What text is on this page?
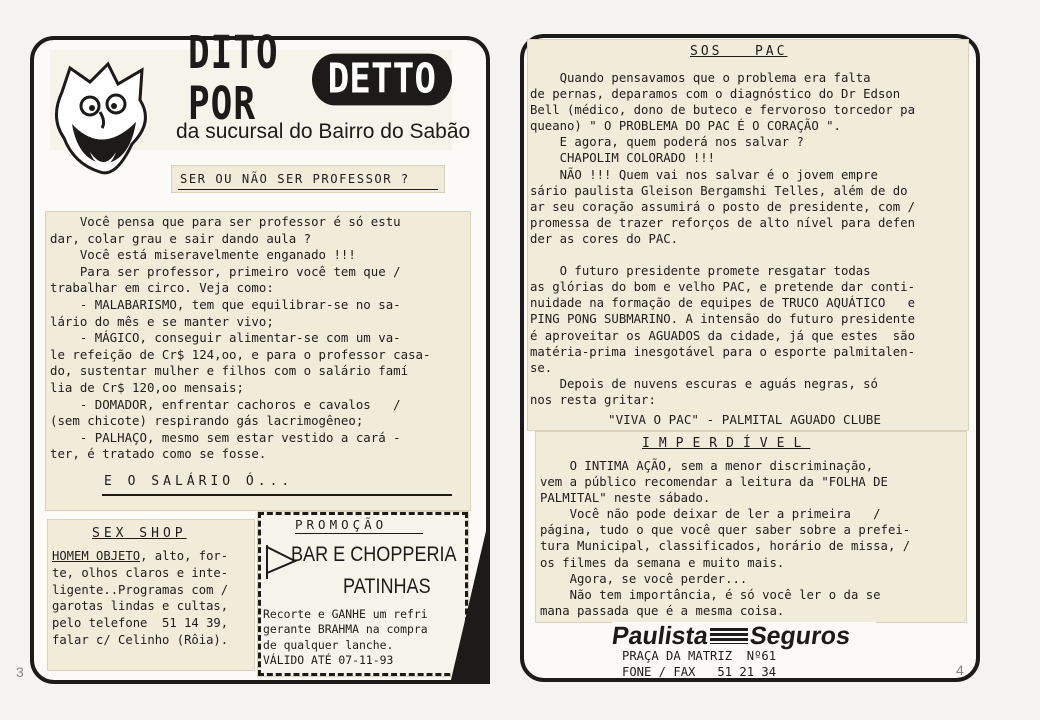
DITO POR
DETTO
da sucursal do Bairro do Sabão
SER OU NÃO SER PROFESSOR ?
Você pensa que para ser professor é só estu
dar, colar grau e sair dando aula ?
Você está miseravelmente enganado !!!
Para ser professor, primeiro você tem que /
trabalhar em circo. Veja como:
- MALABARISMO, tem que equilibrar-se no sa-
lário do mês e se manter vivo;
- MÁGICO, conseguir alimentar-se com um va-
le refeição de Cr$ 124,oo, e para o professor casa-
do, sustentar mulher e filhos com o salário famí
lia de Cr$ 120,oo mensais;
- DOMADOR, enfrentar cachoros e cavalos   /
(sem chicote) respirando gás lacrimogêneo;
- PALHAÇO, mesmo sem estar vestido a cará -
ter, é tratado como se fosse.
E O SALÁRIO Ó...
SEX SHOP
HOMEM OBJETO, alto, for-
te, olhos claros e inte-
ligente..Programas com /
garotas lindas e cultas,
pelo telefone  51 14 39,
falar c/ Celinho (Rôia).
PROMOÇÃO
BAR E CHOPPERIA
PATINHAS
Recorte e GANHE um refri
gerante BRAHMA na compra
de qualquer lanche.
VÁLIDO ATÉ 07-11-93
3
SOS   PAC
Quando pensavamos que o problema era falta
de pernas, deparamos com o diagnóstico do Dr Edson
Bell (médico, dono de buteco e fervoroso torcedor pa
queano) " O PROBLEMA DO PAC É O CORAÇÃO ".
E agora, quem poderá nos salvar ?
CHAPOLIM COLORADO !!!
NÃO !!! Quem vai nos salvar é o jovem empre
sário paulista Gleison Bergamshi Telles, além de do
ar seu coração assumirá o posto de presidente, com /
promessa de trazer reforços de alto nível para defen
der as cores do PAC.

O futuro presidente promete resgatar todas
as glórias do bom e velho PAC, e pretende dar conti-
nuidade na formação de equipes de TRUCO AQUÁTICO   e
PING PONG SUBMARINO. A intensão do futuro presidente
é aproveitar os AGUADOS da cidade, já que estes  são
matéria-prima inesgotável para o esporte palmitalen-
se.
Depois de nuvens escuras e aguás negras, só
nos resta gritar:
"VIVA O PAC" - PALMITAL AGUADO CLUBE
IMPERDÍVEL
O INTIMA AÇÃO, sem a menor discriminação,
vem a público recomendar a leitura da "FOLHA DE
PALMITAL" neste sábado.
Você não pode deixar de ler a primeira   /
página, tudo o que você quer saber sobre a prefei-
tura Municipal, classificados, horário de missa, /
os filmes da semana e muito mais.
Agora, se você perder...
Não tem importância, é só você ler o da se
mana passada que é a mesma coisa.
Paulista Seguros
PRAÇA DA MATRIZ  Nº61
FONE / FAX   51 21 34	4
